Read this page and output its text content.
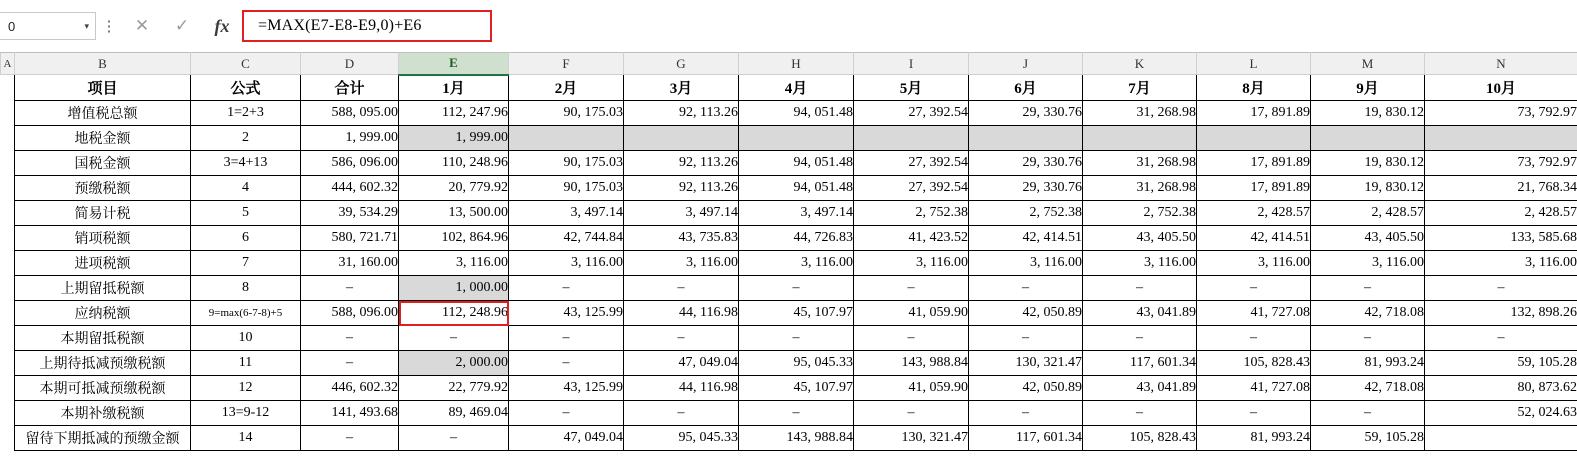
0	▾ ⋮	✕	✓	fx	=MAX(E7-E8-E9,0)+E6
A	B	C	D	E	F	G	H	I	J	K	L	M	N
	项目	公式	合计	1月	2月	3月	4月	5月	6月	7月	8月	9月	10月
	增值税总额	1=2+3	588, 095.00	112, 247.96	90, 175.03	92, 113.26	94, 051.48	27, 392.54	29, 330.76	31, 268.98	17, 891.89	19, 830.12	73, 792.97
	地税金额	2	1, 999.00	1, 999.00									
	国税金额	3=4+13	586, 096.00	110, 248.96	90, 175.03	92, 113.26	94, 051.48	27, 392.54	29, 330.76	31, 268.98	17, 891.89	19, 830.12	73, 792.97
	预缴税额	4	444, 602.32	20, 779.92	90, 175.03	92, 113.26	94, 051.48	27, 392.54	29, 330.76	31, 268.98	17, 891.89	19, 830.12	21, 768.34
	简易计税	5	39, 534.29	13, 500.00	3, 497.14	3, 497.14	3, 497.14	2, 752.38	2, 752.38	2, 752.38	2, 428.57	2, 428.57	2, 428.57
	销项税额	6	580, 721.71	102, 864.96	42, 744.84	43, 735.83	44, 726.83	41, 423.52	42, 414.51	43, 405.50	42, 414.51	43, 405.50	133, 585.68
	进项税额	7	31, 160.00	3, 116.00	3, 116.00	3, 116.00	3, 116.00	3, 116.00	3, 116.00	3, 116.00	3, 116.00	3, 116.00	3, 116.00
	上期留抵税额	8	–	1, 000.00	–	–	–	–	–	–	–	–	–
	应纳税额	9=max(6-7-8)+5	588, 096.00	112, 248.96	43, 125.99	44, 116.98	45, 107.97	41, 059.90	42, 050.89	43, 041.89	41, 727.08	42, 718.08	132, 898.26
	本期留抵税额	10	–	–	–	–	–	–	–	–	–	–	–
	上期待抵减预缴税额	11	–	2, 000.00	–	47, 049.04	95, 045.33	143, 988.84	130, 321.47	117, 601.34	105, 828.43	81, 993.24	59, 105.28
	本期可抵减预缴税额	12	446, 602.32	22, 779.92	43, 125.99	44, 116.98	45, 107.97	41, 059.90	42, 050.89	43, 041.89	41, 727.08	42, 718.08	80, 873.62
	本期补缴税额	13=9-12	141, 493.68	89, 469.04	–	–	–	–	–	–	–	–	52, 024.63
	留待下期抵减的预缴金额	14	–	–	47, 049.04	95, 045.33	143, 988.84	130, 321.47	117, 601.34	105, 828.43	81, 993.24	59, 105.28	
